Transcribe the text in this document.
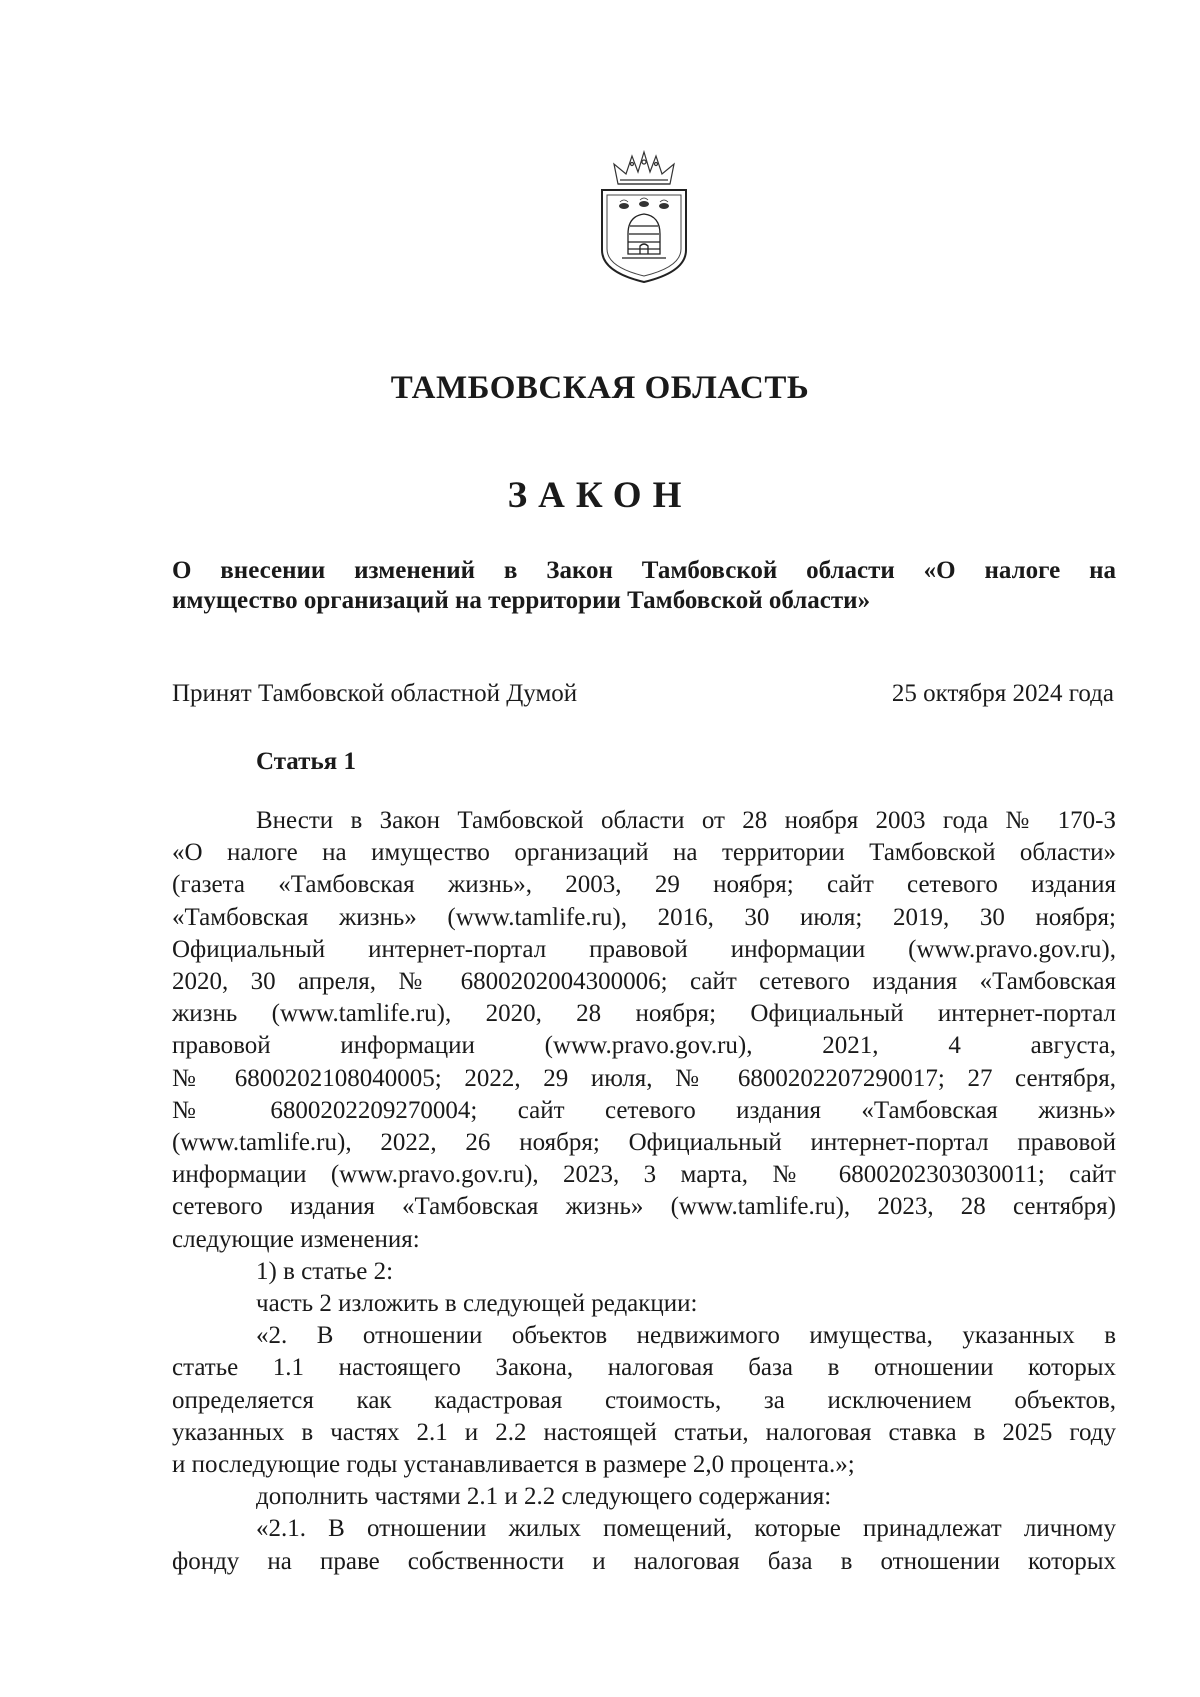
ТАМБОВСКАЯ ОБЛАСТЬ
ЗАКОН
О внесении изменений в Закон Тамбовской области «О налоге на
имущество организаций на территории Тамбовской области»
Принят Тамбовской областной Думой	25 октября 2024 года
Статья 1

Внести в Закон Тамбовской области от 28 ноября 2003 года № 170-З
«О налоге на имущество организаций на территории Тамбовской области»
(газета «Тамбовская жизнь», 2003, 29 ноября; сайт сетевого издания
«Тамбовская жизнь» (www.tamlife.ru), 2016, 30 июля; 2019, 30 ноября;
Официальный интернет-портал правовой информации (www.pravo.gov.ru),
2020, 30 апреля, № 6800202004300006; сайт сетевого издания «Тамбовская
жизнь (www.tamlife.ru), 2020, 28 ноября; Официальный интернет-портал
правовой информации (www.pravo.gov.ru), 2021, 4 августа,
№ 6800202108040005; 2022, 29 июля, № 6800202207290017; 27 сентября,
№ 6800202209270004; сайт сетевого издания «Тамбовская жизнь»
(www.tamlife.ru), 2022, 26 ноября; Официальный интернет-портал правовой
информации (www.pravo.gov.ru), 2023, 3 марта, № 6800202303030011; сайт
сетевого издания «Тамбовская жизнь» (www.tamlife.ru), 2023, 28 сентября)
следующие изменения:

1) в статье 2:

часть 2 изложить в следующей редакции:

«2. В отношении объектов недвижимого имущества, указанных в
статье 1.1 настоящего Закона, налоговая база в отношении которых
определяется как кадастровая стоимость, за исключением объектов,
указанных в частях 2.1 и 2.2 настоящей статьи, налоговая ставка в 2025 году
и последующие годы устанавливается в размере 2,0 процента.»;

дополнить частями 2.1 и 2.2 следующего содержания:

«2.1. В отношении жилых помещений, которые принадлежат личному
фонду на праве собственности и налоговая база в отношении которых
